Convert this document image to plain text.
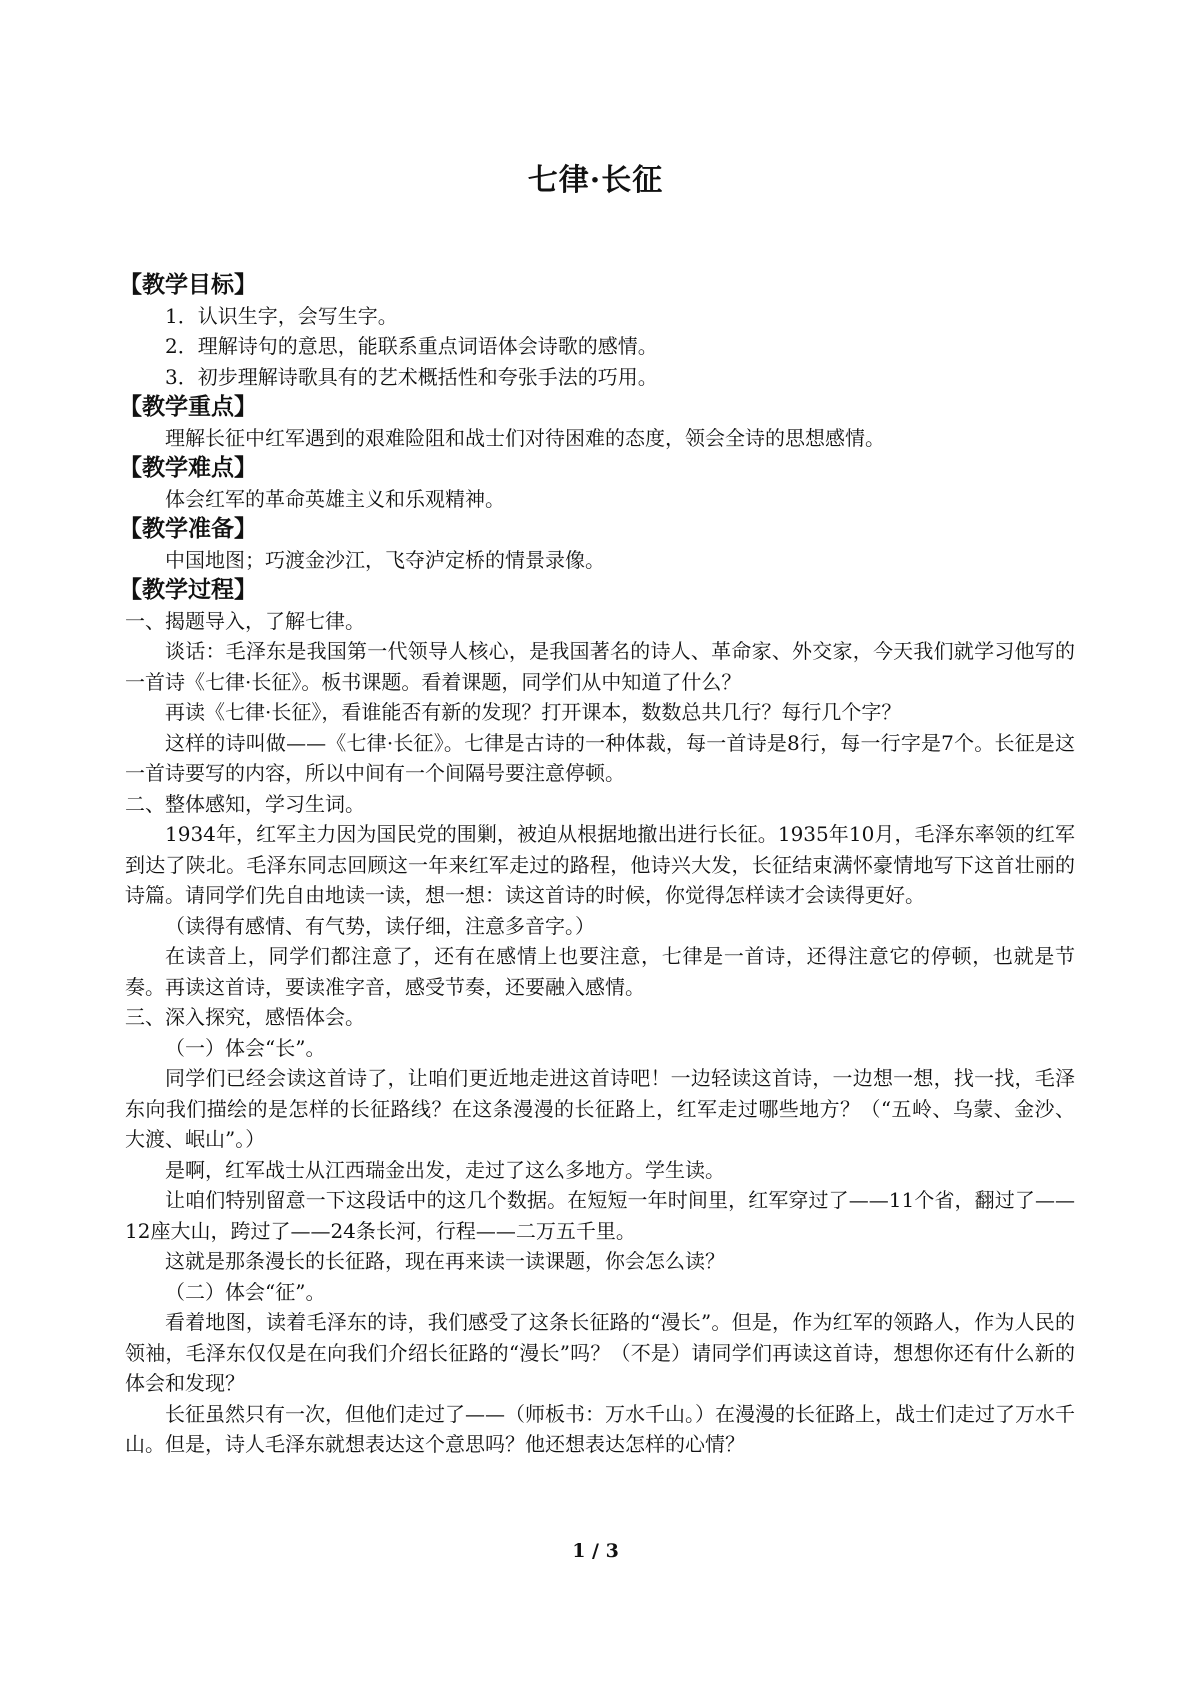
七律·长征
【教学目标】
1．认识生字，会写生字。
2．理解诗句的意思，能联系重点词语体会诗歌的感情。
3．初步理解诗歌具有的艺术概括性和夸张手法的巧用。
【教学重点】
理解长征中红军遇到的艰难险阻和战士们对待困难的态度，领会全诗的思想感情。
【教学难点】
体会红军的革命英雄主义和乐观精神。
【教学准备】
中国地图；巧渡金沙江，飞夺泸定桥的情景录像。
【教学过程】
一、揭题导入，了解七律。
谈话：毛泽东是我国第一代领导人核心，是我国著名的诗人、革命家、外交家，今天我们就学习他写的一首诗《七律·长征》。板书课题。看着课题，同学们从中知道了什么？
再读《七律·长征》，看谁能否有新的发现？打开课本，数数总共几行？每行几个字？
这样的诗叫做——《七律·长征》。七律是古诗的一种体裁，每一首诗是8行，每一行字是7个。长征是这一首诗要写的内容，所以中间有一个间隔号要注意停顿。
二、整体感知，学习生词。
1934年，红军主力因为国民党的围剿，被迫从根据地撤出进行长征。1935年10月，毛泽东率领的红军到达了陕北。毛泽东同志回顾这一年来红军走过的路程，他诗兴大发，长征结束满怀豪情地写下这首壮丽的诗篇。请同学们先自由地读一读，想一想：读这首诗的时候，你觉得怎样读才会读得更好。
（读得有感情、有气势，读仔细，注意多音字。）
在读音上，同学们都注意了，还有在感情上也要注意，七律是一首诗，还得注意它的停顿，也就是节奏。再读这首诗，要读准字音，感受节奏，还要融入感情。
三、深入探究，感悟体会。
（一）体会“长”。
同学们已经会读这首诗了，让咱们更近地走进这首诗吧！一边轻读这首诗，一边想一想，找一找，毛泽东向我们描绘的是怎样的长征路线？在这条漫漫的长征路上，红军走过哪些地方？（“五岭、乌蒙、金沙、大渡、岷山”。）
是啊，红军战士从江西瑞金出发，走过了这么多地方。学生读。
让咱们特别留意一下这段话中的这几个数据。在短短一年时间里，红军穿过了——11个省，翻过了——12座大山，跨过了——24条长河，行程——二万五千里。
这就是那条漫长的长征路，现在再来读一读课题，你会怎么读？
（二）体会“征”。
看着地图，读着毛泽东的诗，我们感受了这条长征路的“漫长”。但是，作为红军的领路人，作为人民的领袖，毛泽东仅仅是在向我们介绍长征路的“漫长”吗？（不是）请同学们再读这首诗，想想你还有什么新的体会和发现？
长征虽然只有一次，但他们走过了——（师板书：万水千山。）在漫漫的长征路上，战士们走过了万水千山。但是，诗人毛泽东就想表达这个意思吗？他还想表达怎样的心情？
1 / 3
